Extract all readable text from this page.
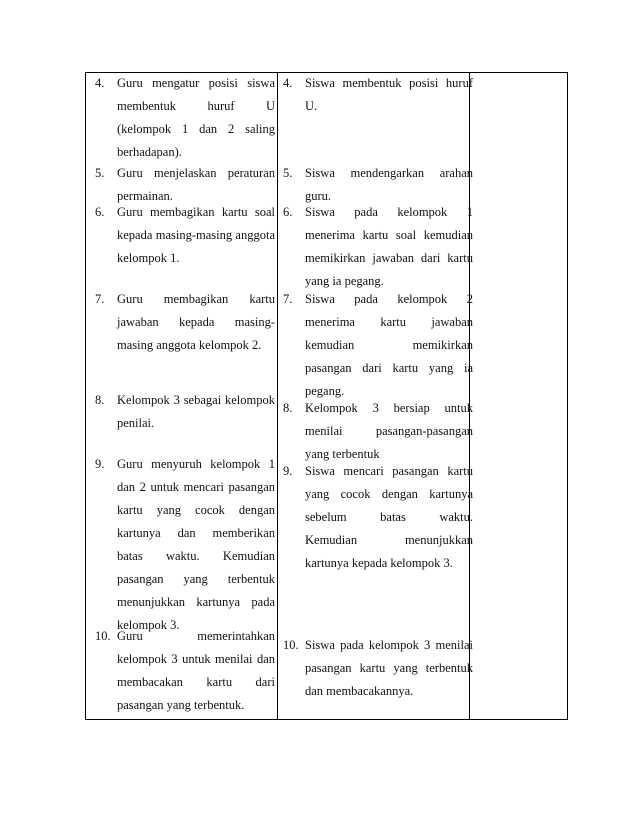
4. Guru mengatur posisi siswa
membentuk huruf U
(kelompok 1 dan 2 saling
berhadapan).
5. Guru menjelaskan peraturan
permainan.
6. Guru membagikan kartu soal
kepada masing-masing anggota
kelompok 1.
7. Guru membagikan kartu
jawaban kepada masing-
masing anggota kelompok 2.
8. Kelompok 3 sebagai kelompok
penilai.
9. Guru menyuruh kelompok 1
dan 2 untuk mencari pasangan
kartu yang cocok dengan
kartunya dan memberikan
batas waktu. Kemudian
pasangan yang terbentuk
menunjukkan kartunya pada
kelompok 3.
10. Guru memerintahkan
kelompok 3 untuk menilai dan
membacakan kartu dari
pasangan yang terbentuk.
4. Siswa membentuk posisi huruf
U.
5. Siswa mendengarkan arahan
guru.
6. Siswa pada kelompok 1
menerima kartu soal kemudian
memikirkan jawaban dari kartu
yang ia pegang.
7. Siswa pada kelompok 2
menerima kartu jawaban
kemudian memikirkan
pasangan dari kartu yang ia
pegang.
8. Kelompok 3 bersiap untuk
menilai pasangan-pasangan
yang terbentuk
9. Siswa mencari pasangan kartu
yang cocok dengan kartunya
sebelum batas waktu.
Kemudian menunjukkan
kartunya kepada kelompok 3.
10. Siswa pada kelompok 3 menilai
pasangan kartu yang terbentuk
dan membacakannya.
